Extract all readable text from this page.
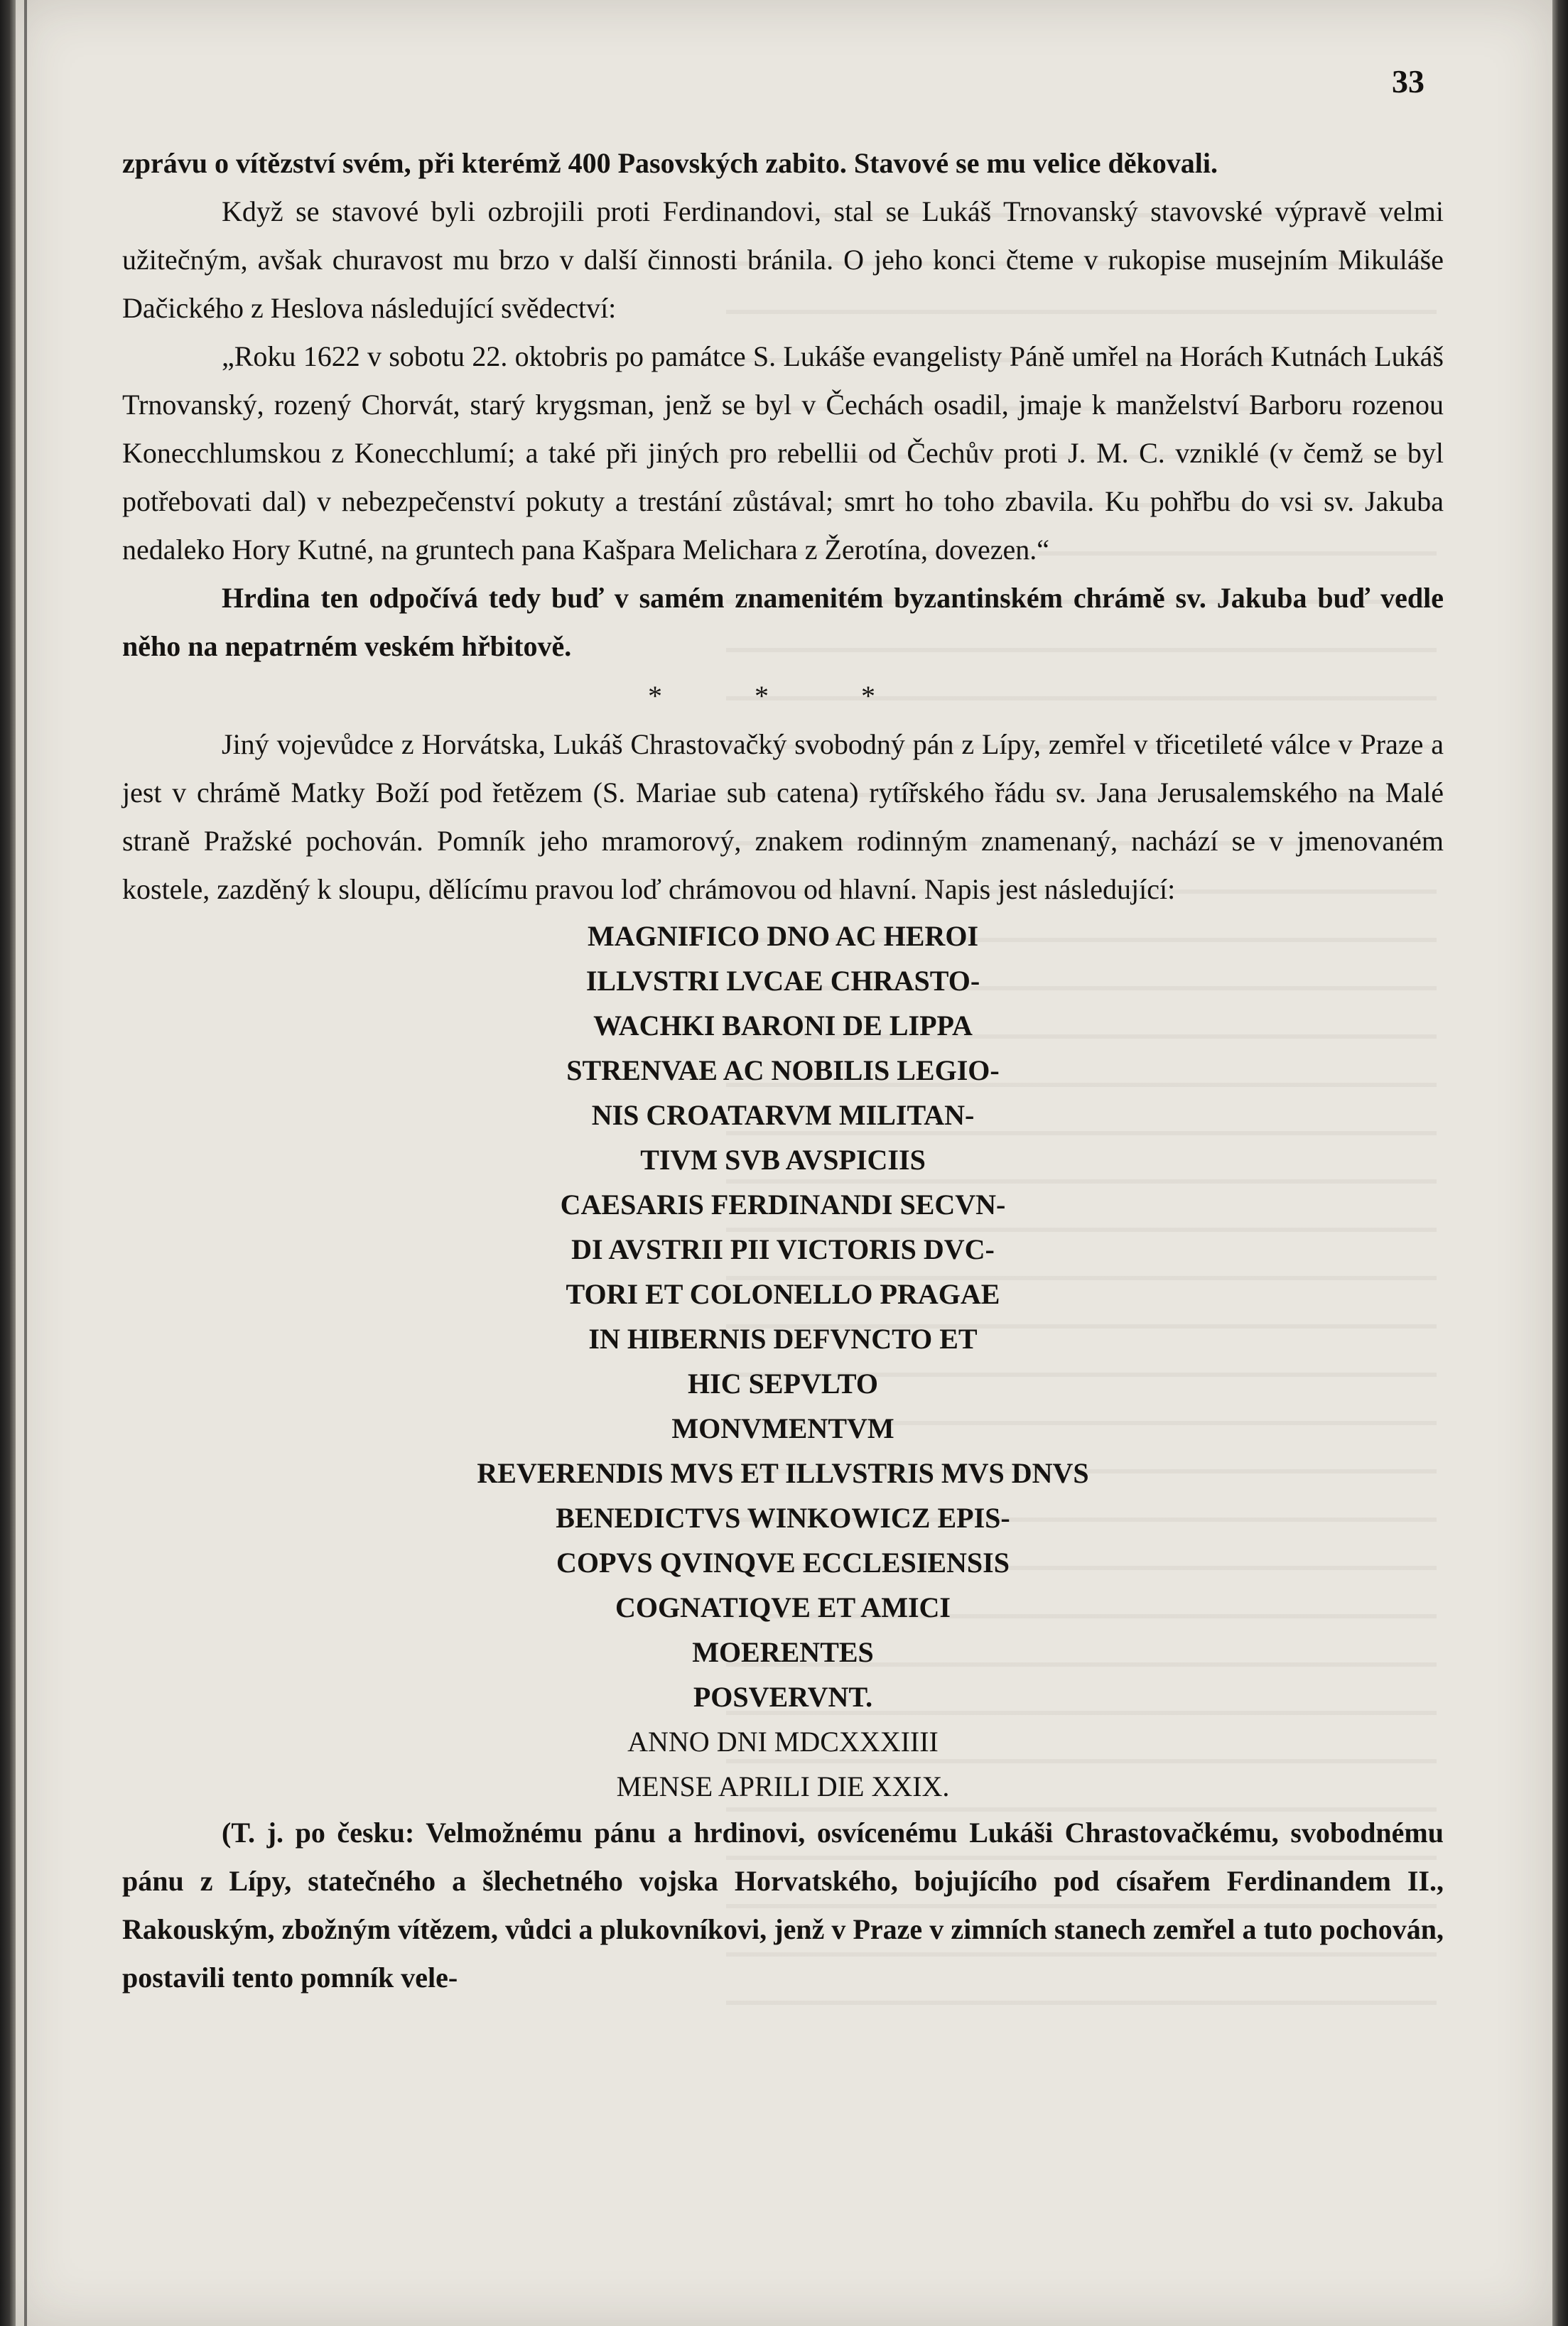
33

zprávu o vítězství svém, při kterémž 400 Pasovských zabito. Stavové se mu velice děkovali.

Když se stavové byli ozbrojili proti Ferdinandovi, stal se Lukáš Trnovanský stavovské výpravě velmi užitečným, avšak churavost mu brzo v další činnosti bránila. O jeho konci čteme v rukopise musejním Mikuláše Dačického z Heslova následující svědectví:

„Roku 1622 v sobotu 22. oktobris po památce S. Lukáše evangelisty Páně umřel na Horách Kutnách Lukáš Trnovanský, rozený Chorvát, starý krygsman, jenž se byl v Čechách osadil, jmaje k manželství Barboru rozenou Konecchlumskou z Konecchlumí; a také při jiných pro rebellii od Čechův proti J. M. C. vzniklé (v čemž se byl potřebovati dal) v nebezpečenství pokuty a trestání zůstával; smrt ho toho zbavila. Ku pohřbu do vsi sv. Jakuba nedaleko Hory Kutné, na gruntech pana Kašpara Melichara z Žerotína, dovezen.“

Hrdina ten odpočívá tedy buď v samém znamenitém byzantinském chrámě sv. Jakuba buď vedle něho na nepatrném veském hřbitově.

* * *

Jiný vojevůdce z Horvátska, Lukáš Chrastovačký svobodný pán z Lípy, zemřel v třicetileté válce v Praze a jest v chrámě Matky Boží pod řetězem (S. Mariae sub catena) rytířského řádu sv. Jana Jerusalemského na Malé straně Pražské pochován. Pomník jeho mramorový, znakem rodinným znamenaný, nachází se v jmenovaném kostele, zazděný k sloupu, dělícímu pravou loď chrámovou od hlavní. Napis jest následující:

MAGNIFICO DNO AC HEROI
ILLVSTRI LVCAE CHRASTO-
WACHKI BARONI DE LIPPA
STRENVAE AC NOBILIS LEGIO-
NIS CROATARVM MILITAN-
TIVM SVB AVSPICIIS
CAESARIS FERDINANDI SECVN-
DI AVSTRII PII VICTORIS DVC-
TORI ET COLONELLO PRAGAE
IN HIBERNIS DEFVNCTO ET
HIC SEPVLTO
MONVMENTVM
REVERENDIS MVS ET ILLVSTRIS MVS DNVS
BENEDICTVS WINKOWICZ EPIS-
COPVS QVINQVE ECCLESIENSIS
COGNATIQVE ET AMICI
MOERENTES
POSVERVNT.
ANNO DNI MDCXXXIIII
MENSE APRILI DIE XXIX.

(T. j. po česku: Velmožnému pánu a hrdinovi, osvícenému Lukáši Chrastovačkému, svobodnému pánu z Lípy, statečného a šlechetného vojska Horvatského, bojujícího pod císařem Ferdinandem II., Rakouským, zbožným vítězem, vůdci a plukovníkovi, jenž v Praze v zimních stanech zemřel a tuto pochován, postavili tento pomník vele-
